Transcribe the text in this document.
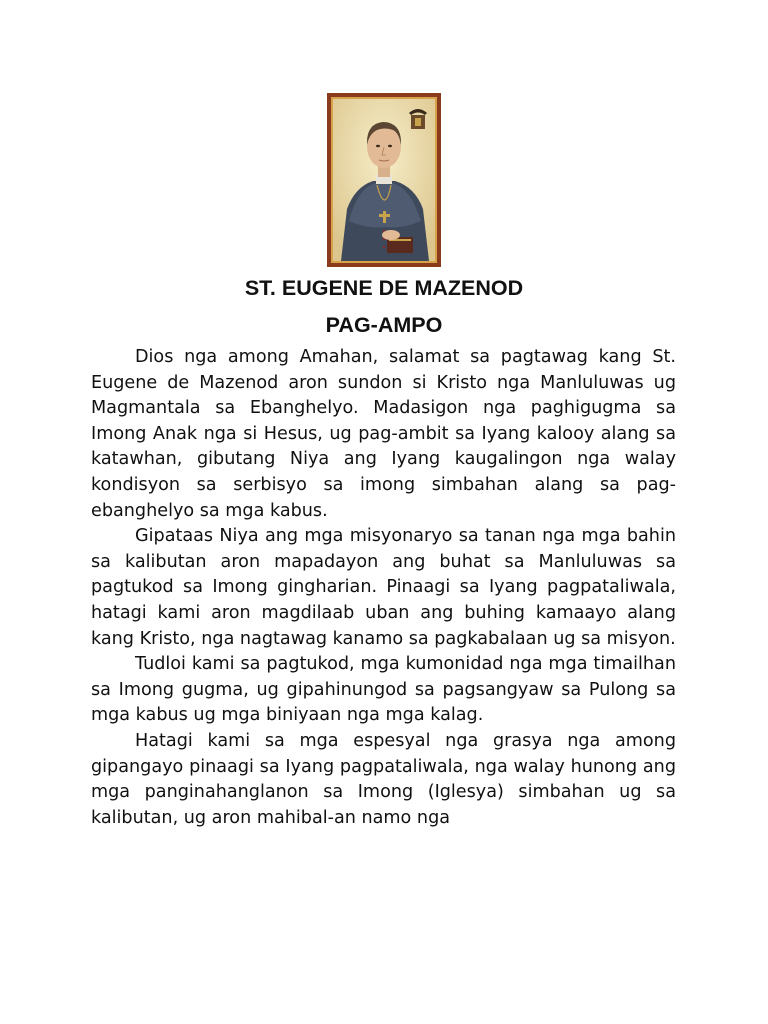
ST. EUGENE DE MAZENOD
PAG-AMPO

Dios nga among Amahan, salamat sa pagtawag kang St. Eugene de Mazenod aron sundon si Kristo nga Manluluwas ug Magmantala sa Ebanghelyo. Madasigon nga paghigugma sa Imong Anak nga si Hesus, ug pag-ambit sa Iyang kalooy alang sa katawhan, gibutang Niya ang Iyang kaugalingon nga walay kondisyon sa serbisyo sa imong simbahan alang sa pag-ebanghelyo sa mga kabus.

Gipataas Niya ang mga misyonaryo sa tanan nga mga bahin sa kalibutan aron mapadayon ang buhat sa Manluluwas sa pagtukod sa Imong gingharian. Pinaagi sa Iyang pagpataliwala, hatagi kami aron magdilaab uban ang buhing kamaayo alang kang Kristo, nga nagtawag kanamo sa pagkabalaan ug sa misyon.

Tudloi kami sa pagtukod, mga kumonidad nga mga timailhan sa Imong gugma, ug gipahinungod sa pagsangyaw sa Pulong sa mga kabus ug mga biniyaan nga mga kalag.

Hatagi kami sa mga espesyal nga grasya nga among gipangayo pinaagi sa Iyang pagpataliwala, nga walay hunong ang mga panginahanglanon sa Imong (Iglesya) simbahan ug sa kalibutan, ug aron mahibal-an namo nga
